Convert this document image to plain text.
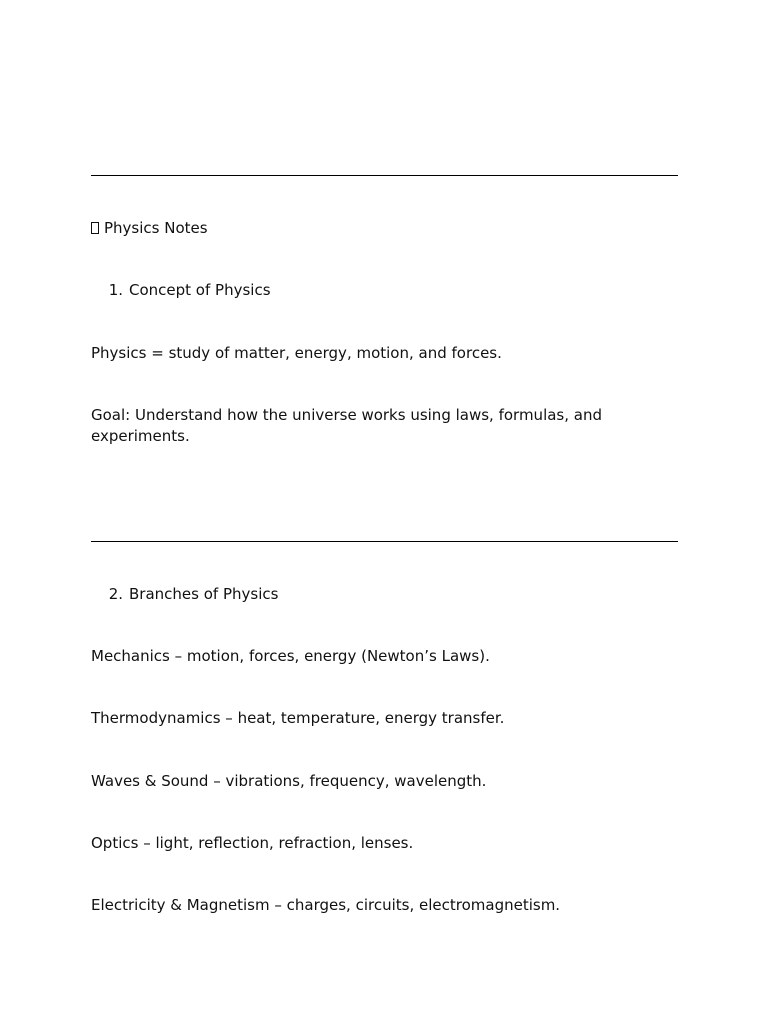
Physics Notes
1. Concept of Physics
Physics = study of matter, energy, motion, and forces.
Goal: Understand how the universe works using laws, formulas, and experiments.
2. Branches of Physics
Mechanics – motion, forces, energy (Newton’s Laws).
Thermodynamics – heat, temperature, energy transfer.
Waves & Sound – vibrations, frequency, wavelength.
Optics – light, reflection, refraction, lenses.
Electricity & Magnetism – charges, circuits, electromagnetism.
